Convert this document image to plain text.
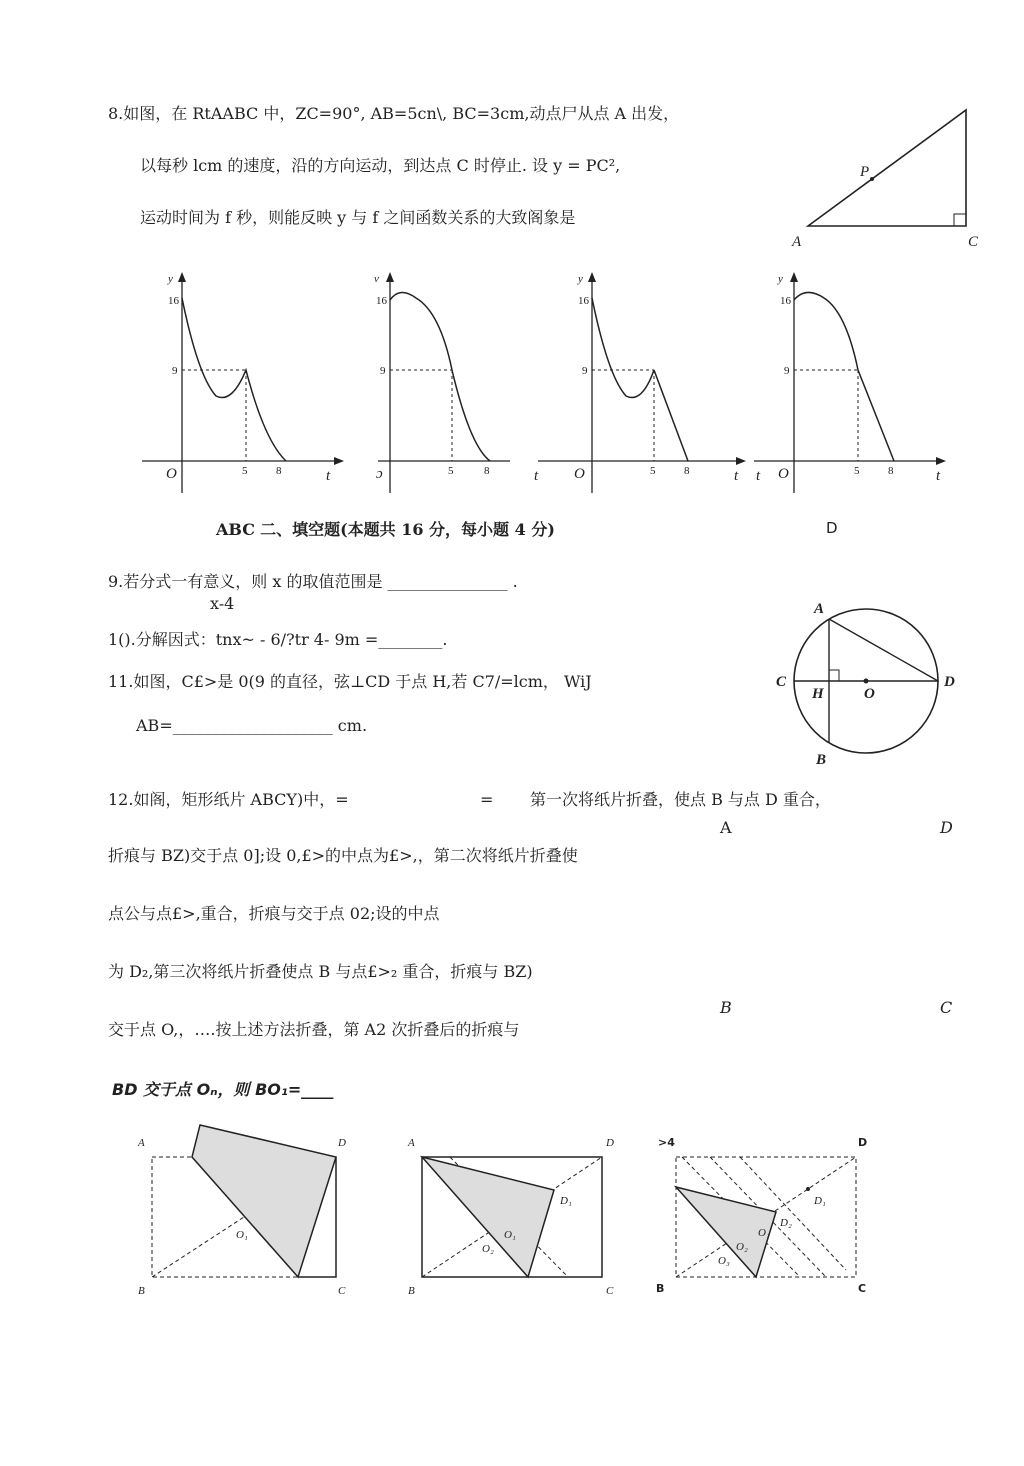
8.如图，在 RtAABC 中，ZC=90°, AB=5cn\, BC=3cm,动点尸从点 A 出发，
以每秒 lcm 的速度，沿的方向运动，到达点 C 时停止. 设 y = PC²,
运动时间为 f 秒，则能反映 y 与 f 之间函数关系的大致阁象是
P
A	C
y
16
9
5	8
O	t
v
16
9
5	8
ɔ
y
16
9
5	8
O
t	t
y
16
9
5	8
O
t	t
ABC 二、填空题(本题共 16 分，每小题 4 分)	D
9.若分式一有意义，则 x 的取值范围是 _______________ .
x-4
1().分解因式：tnx~ - 6/?tr 4- 9m =________.
11.如图，C£>是 0(9 的直径，弦⊥CD 于点 H,若 C7/=lcm， WiJ
AB=____________________ cm.
A
B
C	D
H	O
12.如阁，矩形纸片 ABCY)中，=	= 第一次将纸片折叠，使点 B 与点 D 重合，
折痕与 BZ)交于点 0];设 0,£>的中点为£>,，第二次将纸片折叠使
点公与点£>,重合，折痕与交于点 02;设的中点
为 D₂,第三次将纸片折叠使点 B 与点£>₂ 重合，折痕与 BZ)
交于点 O,，….按上述方法折叠，第 A2 次折叠后的折痕与
BD 交于点 Oₙ，则 BO₁=____
A	D
B	C
A	D
B	C
O₁
A	D
B	C
D₁
O₁
O₂
>4	D
B	C
D₁
D₂
O₁
O₂
O₃
